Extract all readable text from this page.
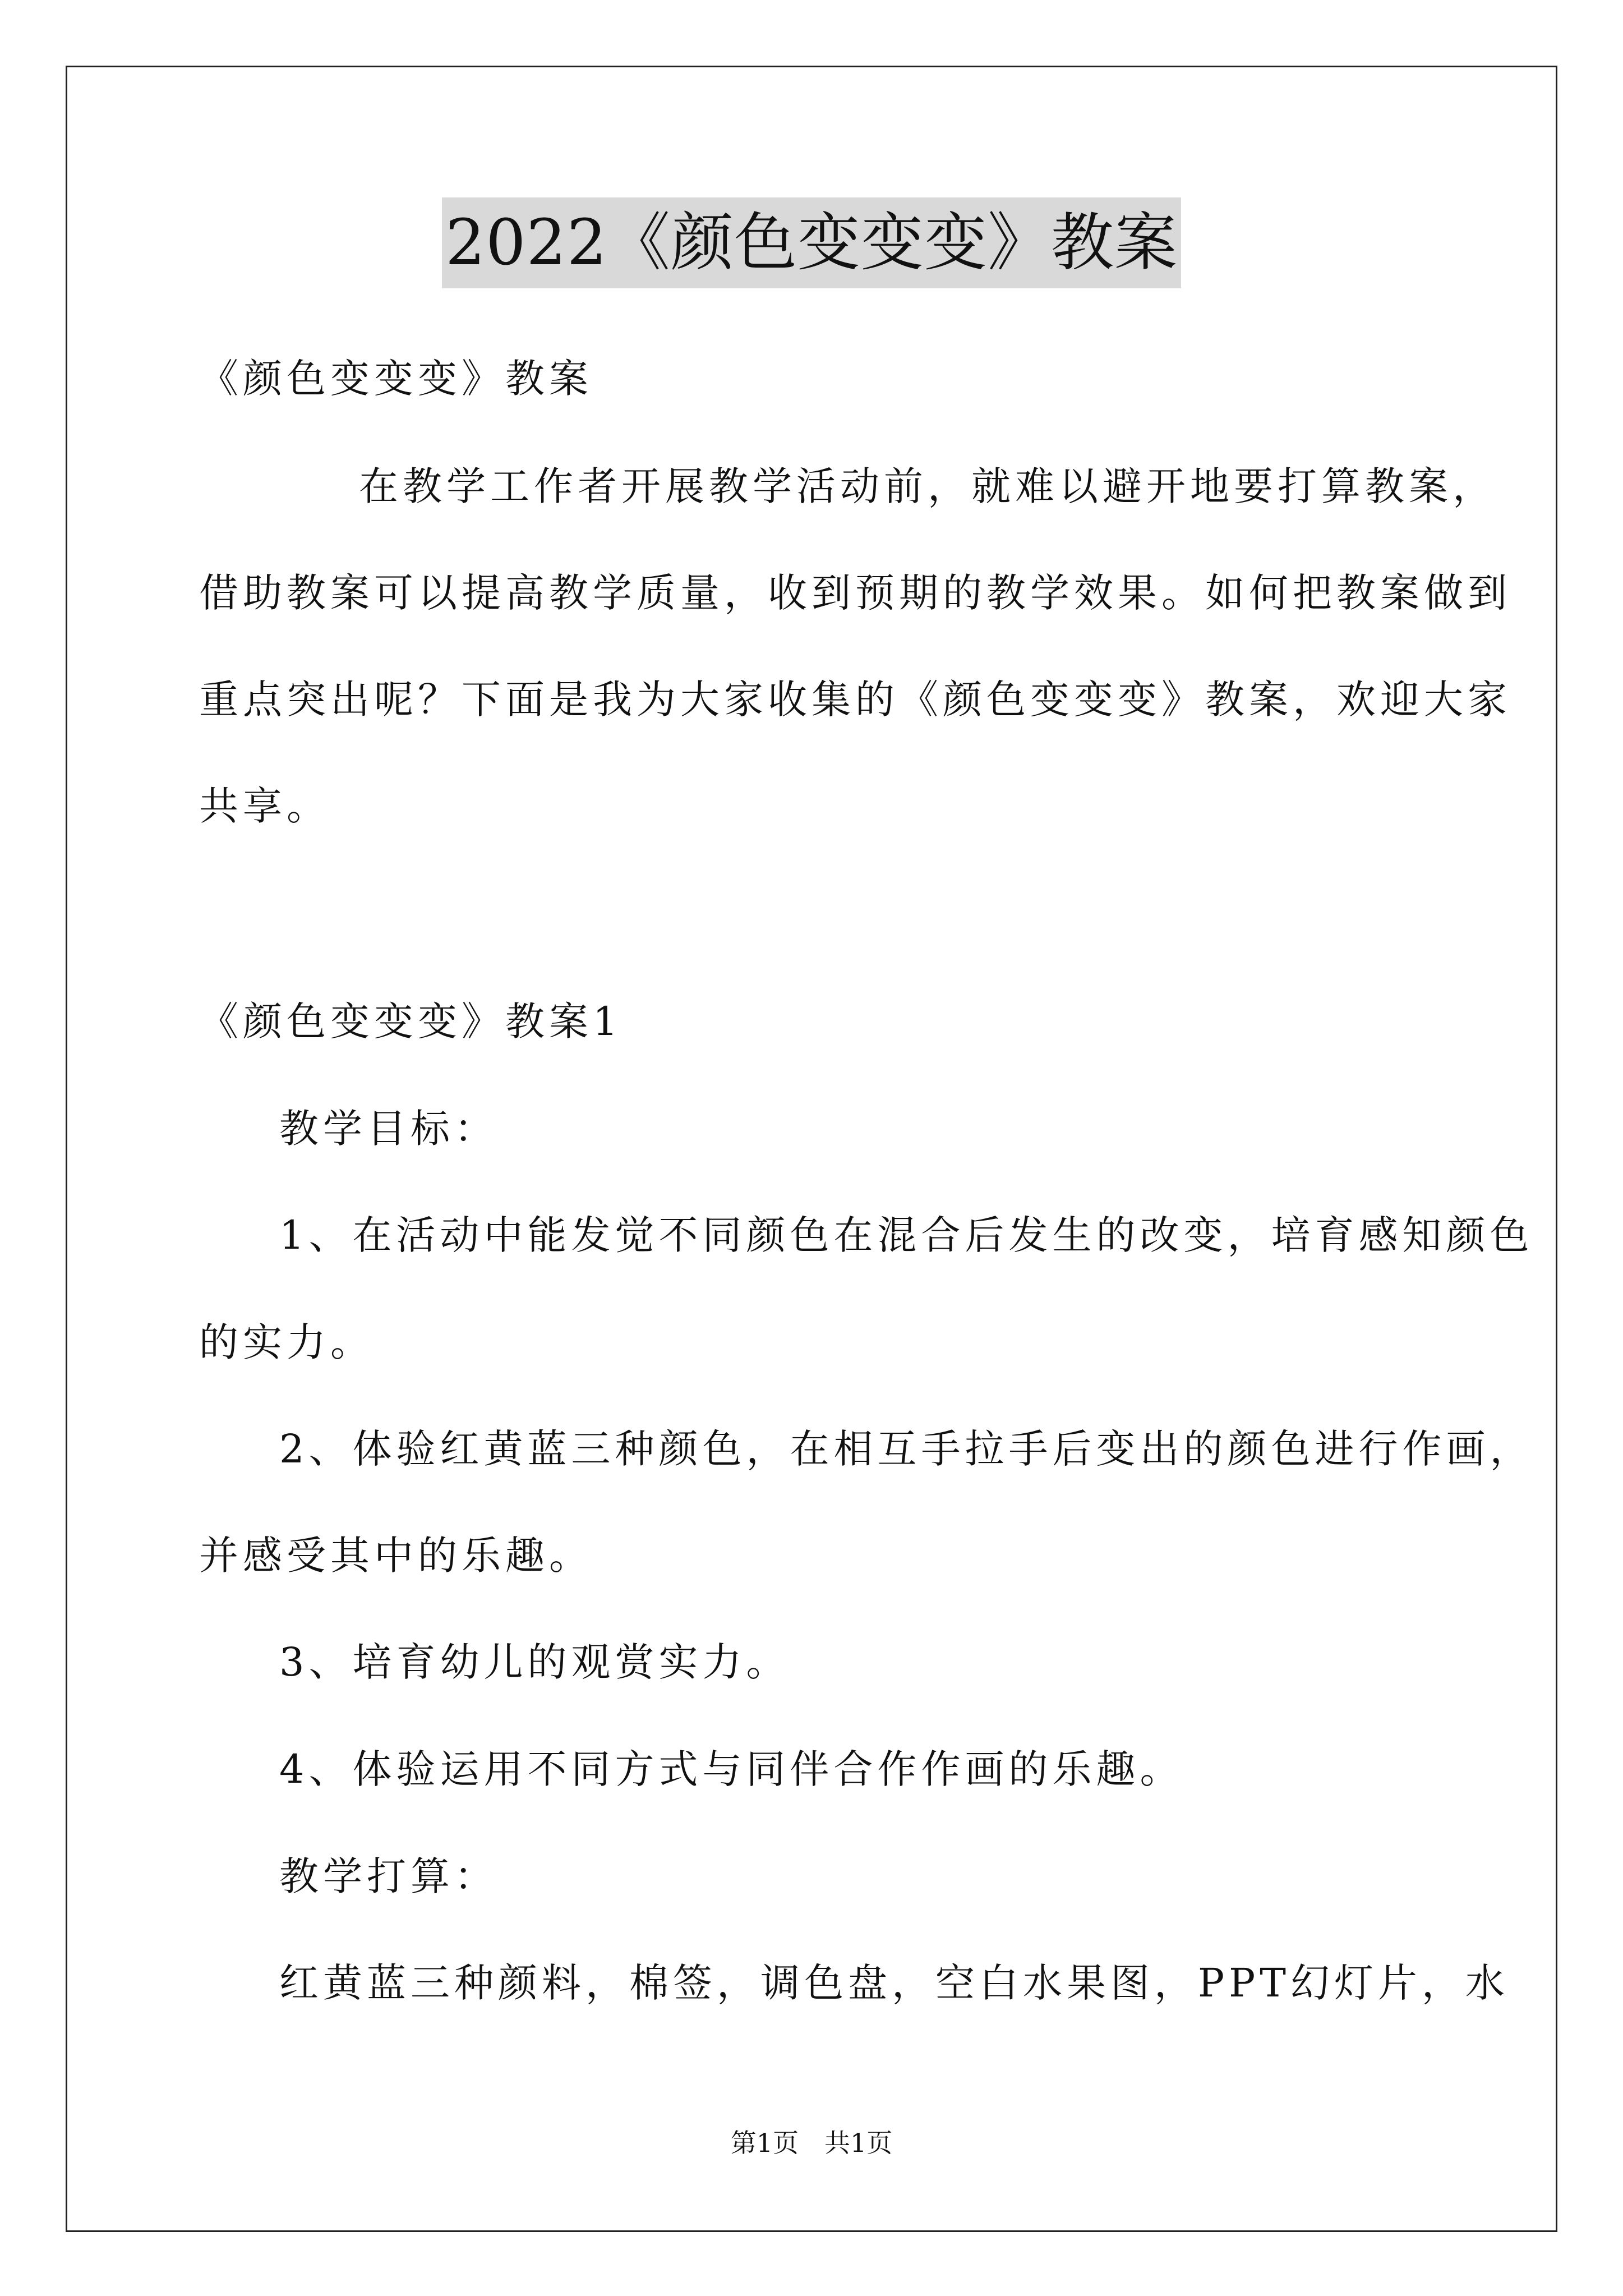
2022《颜色变变变》教案
《颜色变变变》教案
在教学工作者开展教学活动前，就难以避开地要打算教案，
借助教案可以提高教学质量，收到预期的教学效果。如何把教案做到
重点突出呢？下面是我为大家收集的《颜色变变变》教案，欢迎大家
共享。
《颜色变变变》教案1
教学目标：
1、在活动中能发觉不同颜色在混合后发生的改变，培育感知颜色
的实力。
2、体验红黄蓝三种颜色，在相互手拉手后变出的颜色进行作画，
并感受其中的乐趣。
3、培育幼儿的观赏实力。
4、体验运用不同方式与同伴合作作画的乐趣。
教学打算：
红黄蓝三种颜料，棉签，调色盘，空白水果图，PPT幻灯片，水
第1页　共1页
